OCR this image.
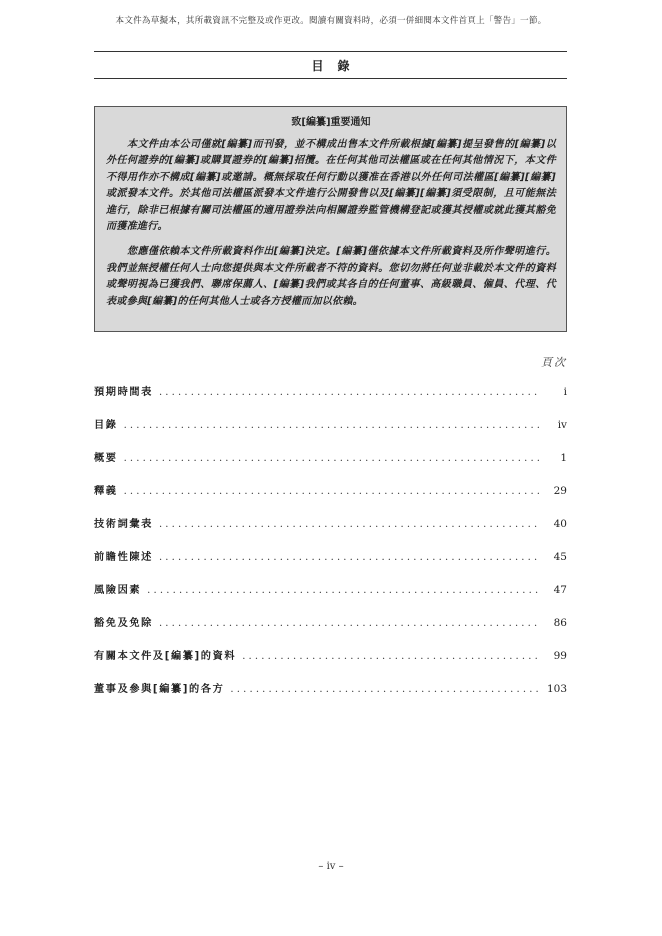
本文件為草擬本，其所載資訊不完整及或作更改。閱讀有關資料時，必須一併細閱本文件首頁上「警告」一節。
目錄
致[編纂]重要通知

本文件由本公司僅就[編纂]而刊發，並不構成出售本文件所載根據[編纂]提呈發售的[編纂]以外任何證券的[編纂]或購買證券的[編纂]招攬。在任何其他司法權區或在任何其他情況下，本文件不得用作亦不構成[編纂]或邀請。概無採取任何行動以獲准在香港以外任何司法權區[編纂][編纂]或派發本文件。於其他司法權區派發本文件進行公開發售以及[編纂][編纂]須受限制，且可能無法進行，除非已根據有關司法權區的適用證券法向相關證券監管機構登記或獲其授權或就此獲其豁免而獲准進行。

您應僅依賴本文件所載資料作出[編纂]決定。[編纂]僅依據本文件所載資料及所作聲明進行。我們並無授權任何人士向您提供與本文件所載者不符的資料。您切勿將任何並非載於本文件的資料或聲明視為已獲我們、聯席保薦人、[編纂]我們或其各自的任何董事、高級職員、僱員、代理、代表或參與[編纂]的任何其他人士或各方授權而加以依賴。

頁次
預期時間表 . . .	i
目錄 . . .	iv
概要 . . .	1
釋義 . . .	29
技術詞彙表 . . .	40
前瞻性陳述 . . .	45
風險因素 . . .	47
豁免及免除 . . .	86
有關本文件及[編纂]的資料 . . .	99
董事及參與[編纂]的各方 . . .	103
– iv –
